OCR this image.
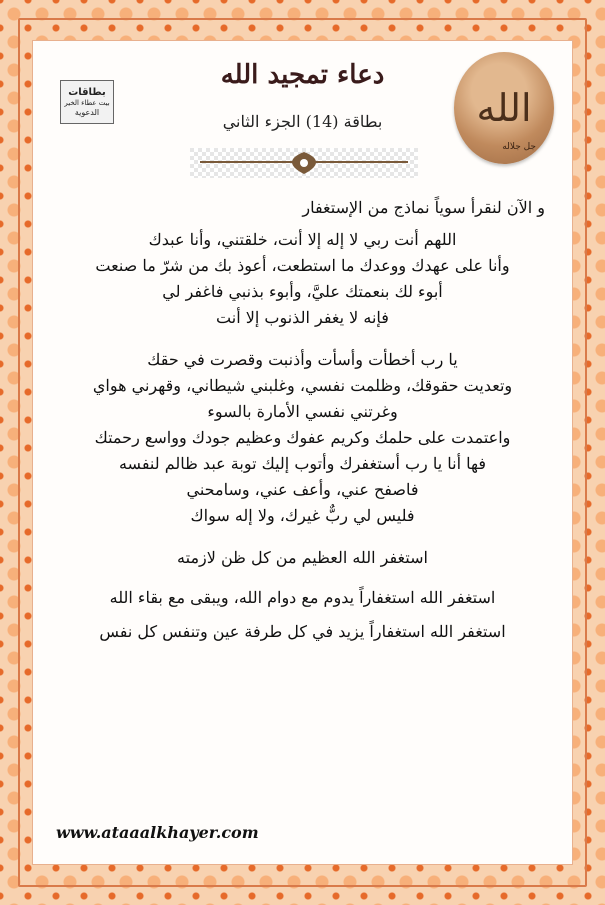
بطاقات
بيت عطاء الخير
الدعوية	الله
جل جلاله
دعاء تمجيد الله
بطاقة (14) الجزء الثاني
و الآن لنقرأ سوياً نماذج من الإستغفار
اللهم أنت ربي لا إله إلا أنت، خلقتني، وأنا عبدك
وأنا على عهدك ووعدك ما استطعت، أعوذ بك من شرّ ما صنعت
أبوء لك بنعمتك عليَّ، وأبوء بذنبي فاغفر لي
فإنه لا يغفر الذنوب إلا أنت
يا رب أخطأت وأسأت وأذنبت وقصرت في حقك
وتعديت حقوقك، وظلمت نفسي، وغلبني شيطاني، وقهرني هواي
وغرتني نفسي الأمارة بالسوء
واعتمدت على حلمك وكريم عفوك وعظيم جودك وواسع رحمتك
فها أنا يا رب أستغفرك وأتوب إليك توبة عبد ظالم لنفسه
فاصفح عني، وأعف عني، وسامحني
فليس لي ربٌّ غيرك، ولا إله سواك
استغفر الله العظيم من كل ظن لازمته
استغفر الله استغفاراً يدوم مع دوام الله، ويبقى مع بقاء الله
استغفر الله استغفاراً يزيد في كل طرفة عين وتنفس كل نفس
www.ataaalkhayer.com
